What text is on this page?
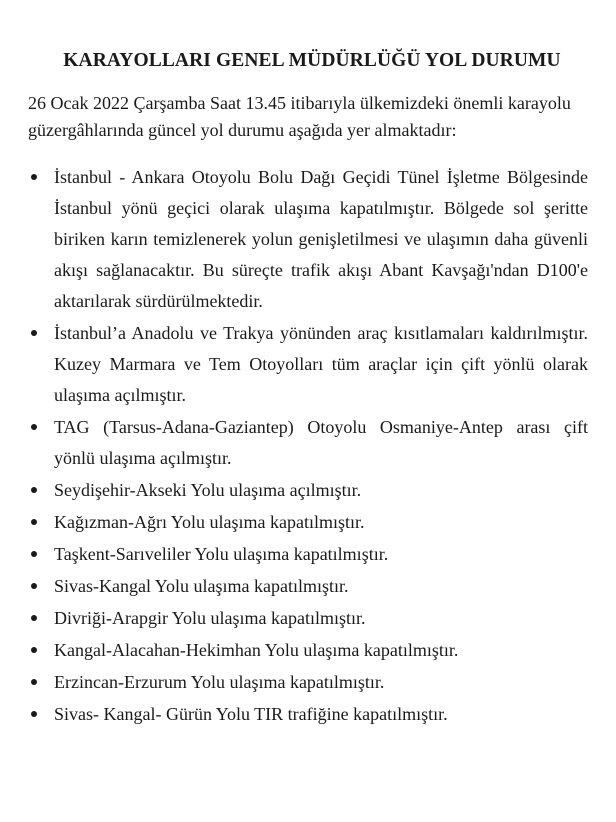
KARAYOLLARI GENEL MÜDÜRLÜĞÜ YOL DURUMU
26 Ocak 2022 Çarşamba Saat 13.45 itibarıyla ülkemizdeki önemli karayolu güzergâhlarında güncel yol durumu aşağıda yer almaktadır:
İstanbul - Ankara Otoyolu Bolu Dağı Geçidi Tünel İşletme Bölgesinde İstanbul yönü geçici olarak ulaşıma kapatılmıştır. Bölgede sol şeritte biriken karın temizlenerek yolun genişletilmesi ve ulaşımın daha güvenli akışı sağlanacaktır. Bu süreçte trafik akışı Abant Kavşağı'ndan D100'e aktarılarak sürdürülmektedir.
İstanbul’a Anadolu ve Trakya yönünden araç kısıtlamaları kaldırılmıştır. Kuzey Marmara ve Tem Otoyolları tüm araçlar için çift yönlü olarak ulaşıma açılmıştır.
TAG (Tarsus-Adana-Gaziantep) Otoyolu Osmaniye-Antep arası çift yönlü ulaşıma açılmıştır.
Seydişehir-Akseki Yolu ulaşıma açılmıştır.
Kağızman-Ağrı Yolu ulaşıma kapatılmıştır.
Taşkent-Sarıveliler Yolu ulaşıma kapatılmıştır.
Sivas-Kangal Yolu ulaşıma kapatılmıştır.
Divriği-Arapgir Yolu ulaşıma kapatılmıştır.
Kangal-Alacahan-Hekimhan Yolu ulaşıma kapatılmıştır.
Erzincan-Erzurum Yolu ulaşıma kapatılmıştır.
Sivas- Kangal- Gürün Yolu TIR trafiğine kapatılmıştır.
